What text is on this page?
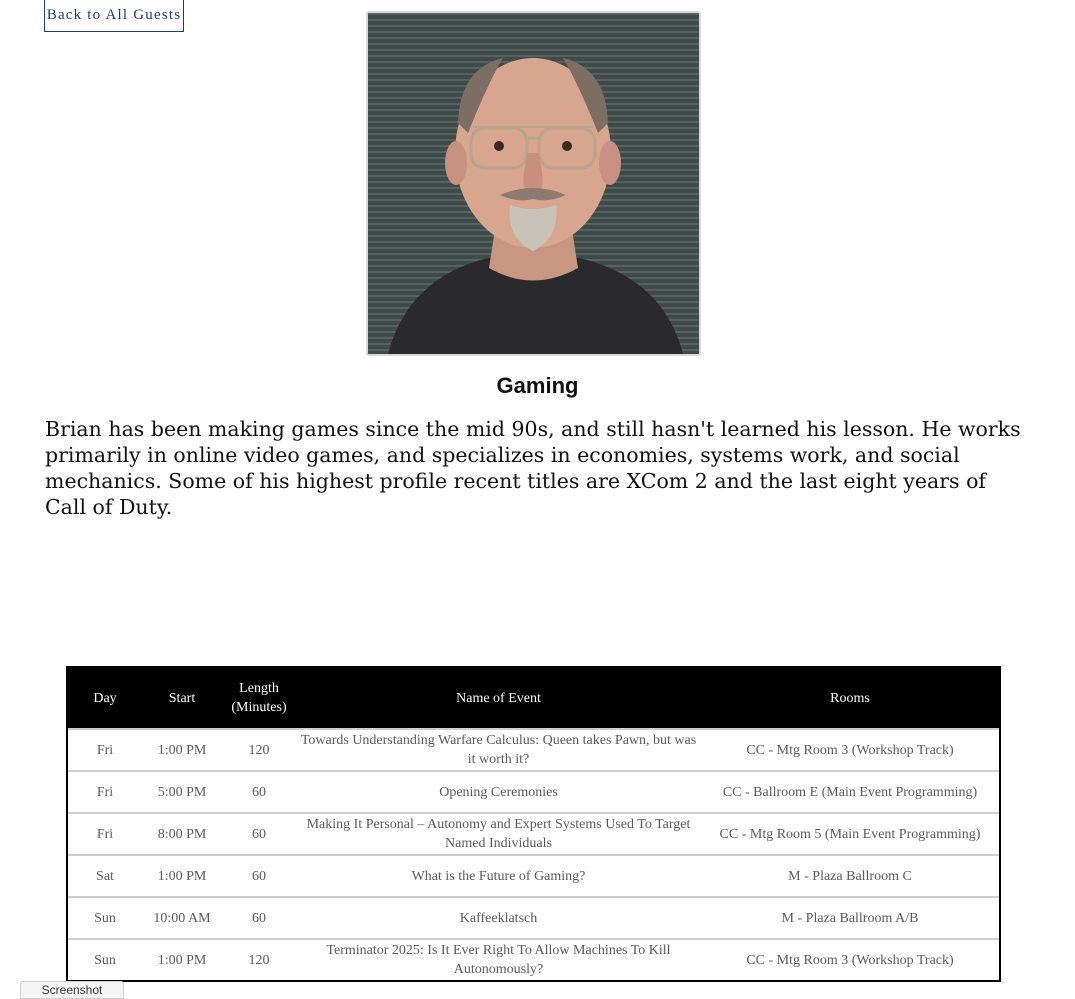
Back to All Guests
Gaming
Brian has been making games since the mid 90s, and still hasn't learned his lesson. He works primarily in online video games, and specializes in economies, systems work, and social mechanics. Some of his highest profile recent titles are XCom 2 and the last eight years of Call of Duty.
Day	Start	Length (Minutes)	Name of Event	Rooms
Fri	1:00 PM	120	Towards Understanding Warfare Calculus: Queen takes Pawn, but was it worth it?	CC - Mtg Room 3 (Workshop Track)
Fri	5:00 PM	60	Opening Ceremonies	CC - Ballroom E (Main Event Programming)
Fri	8:00 PM	60	Making It Personal – Autonomy and Expert Systems Used To Target Named Individuals	CC - Mtg Room 5 (Main Event Programming)
Sat	1:00 PM	60	What is the Future of Gaming?	M - Plaza Ballroom C
Sun	10:00 AM	60	Kaffeeklatsch	M - Plaza Ballroom A/B
Sun	1:00 PM	120	Terminator 2025: Is It Ever Right To Allow Machines To Kill Autonomously?	CC - Mtg Room 3 (Workshop Track)
Screenshot
